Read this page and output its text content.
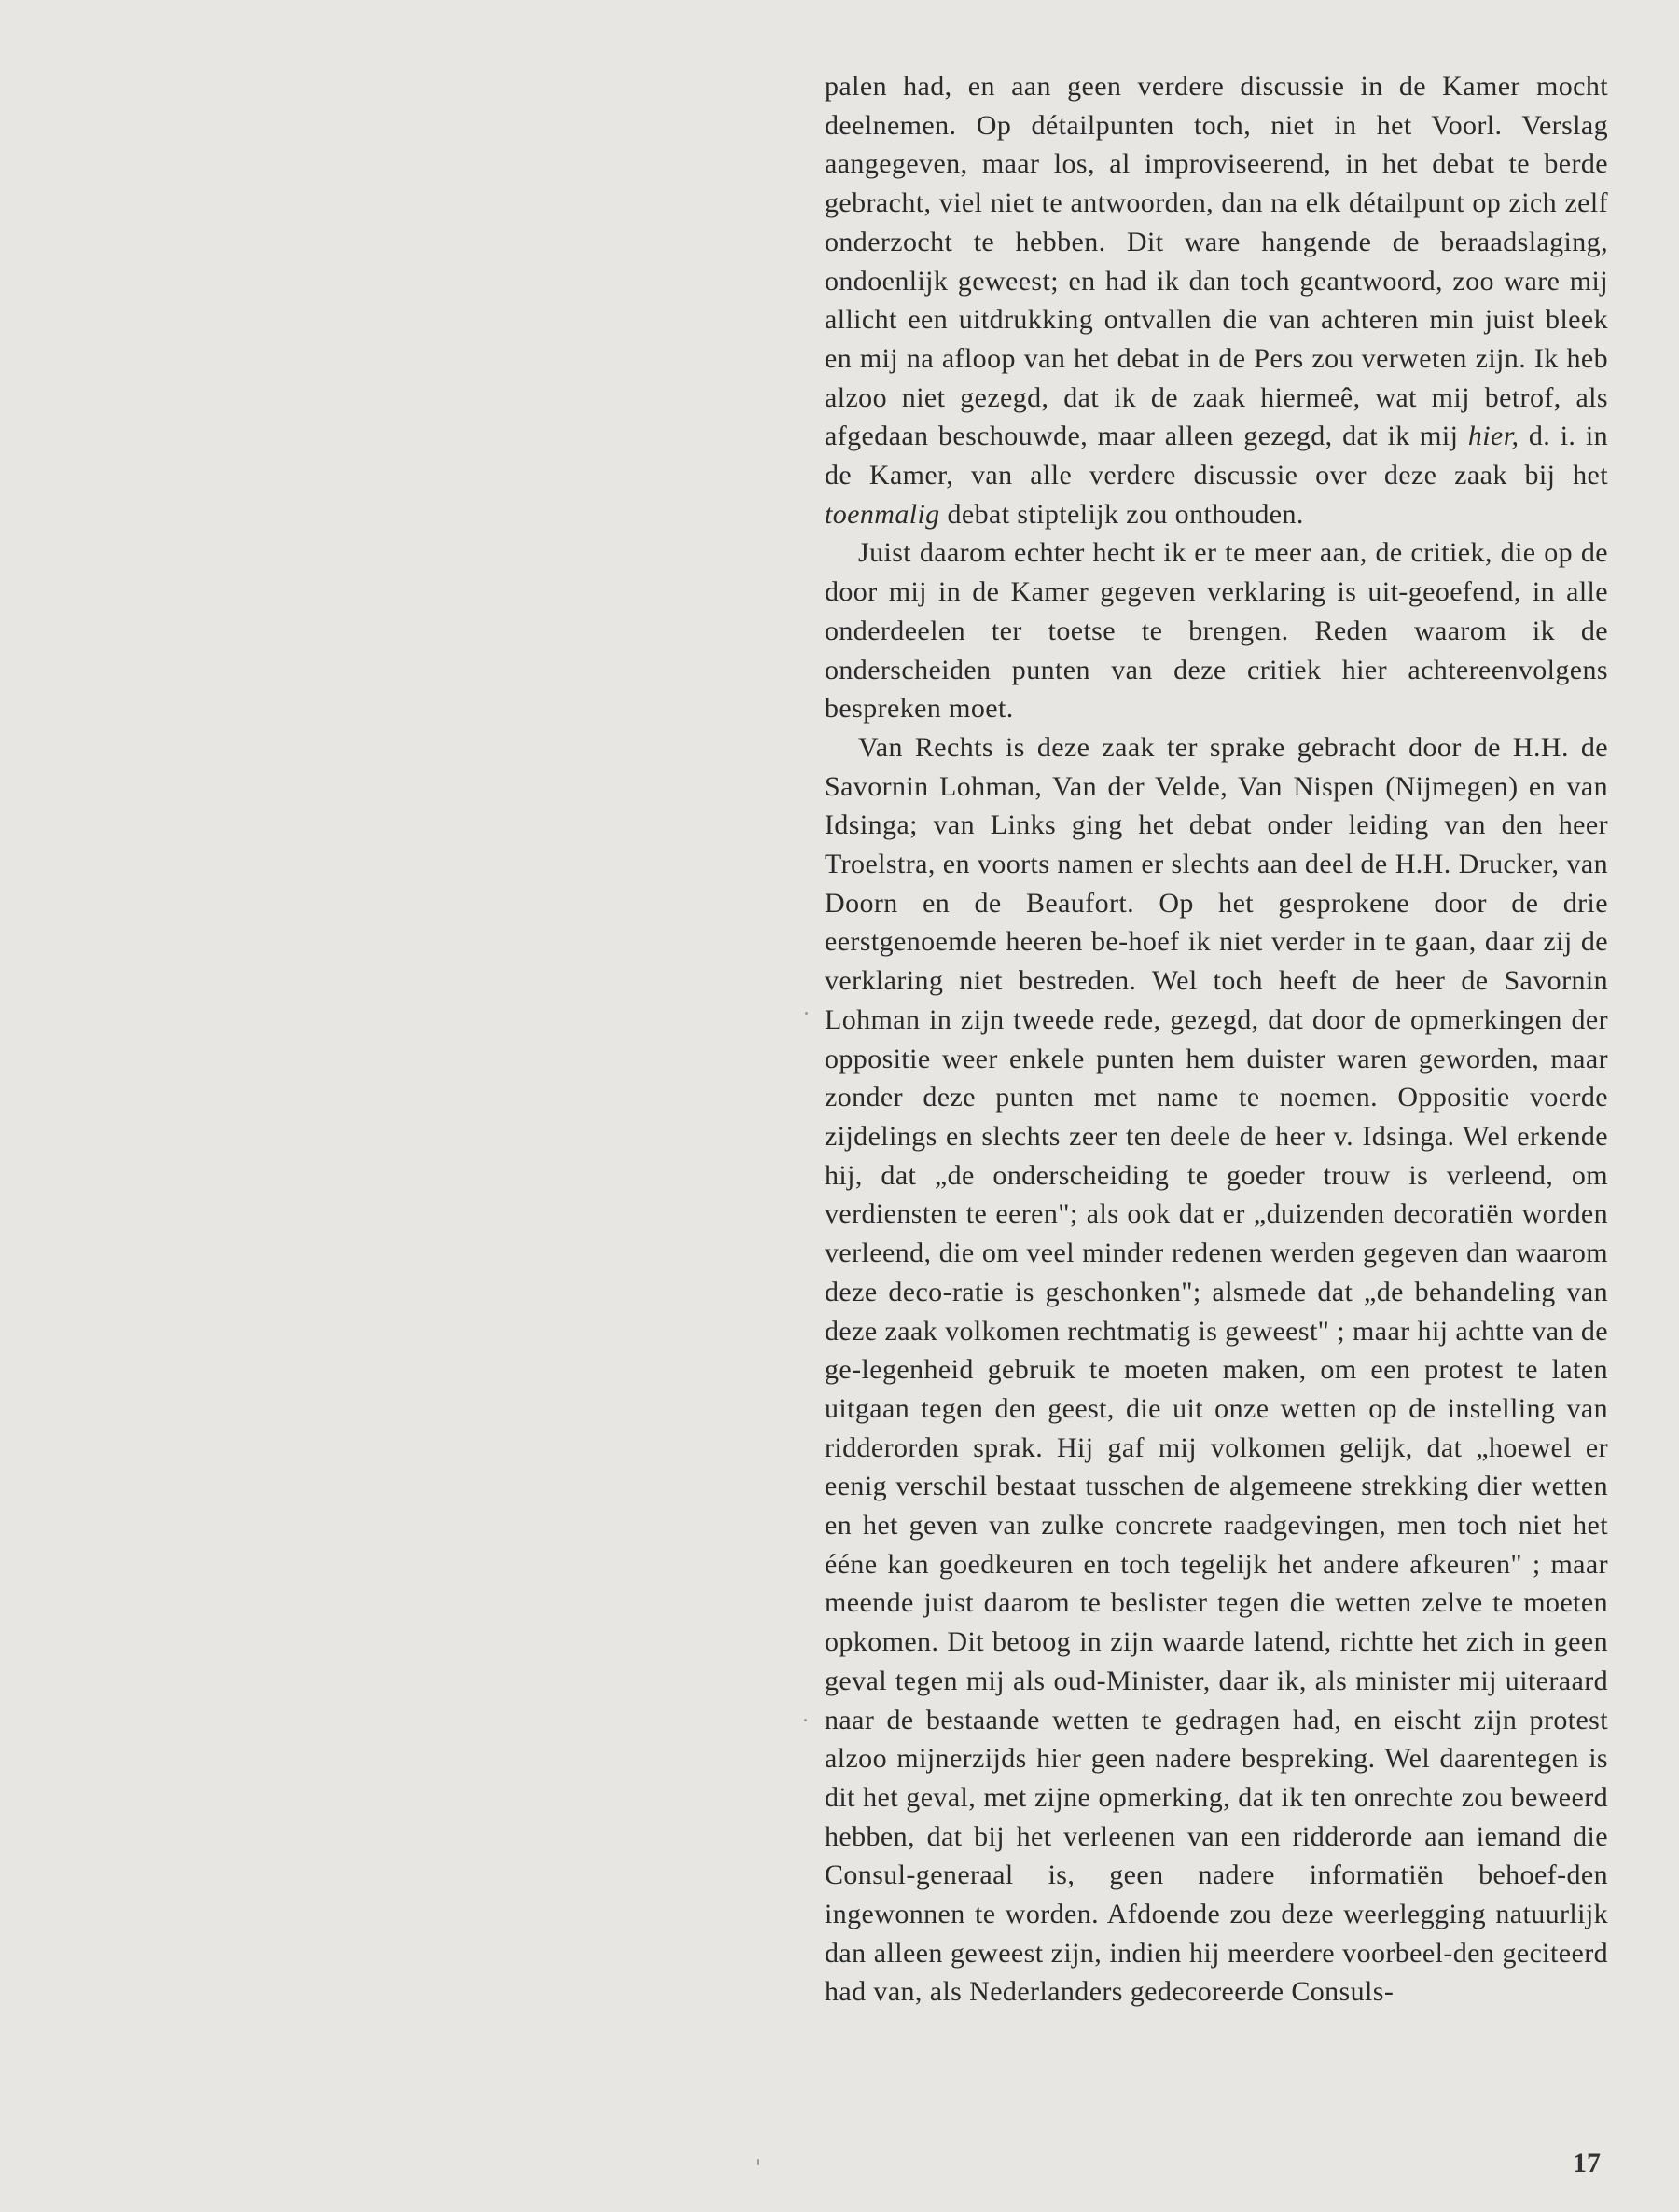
palen had, en aan geen verdere discussie in de Kamer mocht deelnemen. Op détailpunten toch, niet in het Voorl. Verslag aangegeven, maar los, al improviseerend, in het debat te berde gebracht, viel niet te antwoorden, dan na elk détailpunt op zich zelf onderzocht te hebben. Dit ware hangende de beraadslaging, ondoenlijk geweest; en had ik dan toch geantwoord, zoo ware mij allicht een uitdrukking ontvallen die van achteren min juist bleek en mij na afloop van het debat in de Pers zou verweten zijn. Ik heb alzoo niet gezegd, dat ik de zaak hiermeê, wat mij betrof, als afgedaan beschouwde, maar alleen gezegd, dat ik mij hier, d. i. in de Kamer, van alle verdere discussie over deze zaak bij het toenmalig debat stiptelijk zou onthouden.

Juist daarom echter hecht ik er te meer aan, de critiek, die op de door mij in de Kamer gegeven verklaring is uit-geoefend, in alle onderdeelen ter toetse te brengen. Reden waarom ik de onderscheiden punten van deze critiek hier achtereenvolgens bespreken moet.

Van Rechts is deze zaak ter sprake gebracht door de H.H. de Savornin Lohman, Van der Velde, Van Nispen (Nijmegen) en van Idsinga; van Links ging het debat onder leiding van den heer Troelstra, en voorts namen er slechts aan deel de H.H. Drucker, van Doorn en de Beaufort. Op het gesprokene door de drie eerstgenoemde heeren be-hoef ik niet verder in te gaan, daar zij de verklaring niet bestreden. Wel toch heeft de heer de Savornin Lohman in zijn tweede rede, gezegd, dat door de opmerkingen der oppositie weer enkele punten hem duister waren geworden, maar zonder deze punten met name te noemen. Oppositie voerde zijdelings en slechts zeer ten deele de heer v. Idsinga. Wel erkende hij, dat „de onderscheiding te goeder trouw is verleend, om verdiensten te eeren"; als ook dat er „duizenden decoratiën worden verleend, die om veel minder redenen werden gegeven dan waarom deze deco-ratie is geschonken"; alsmede dat „de behandeling van deze zaak volkomen rechtmatig is geweest" ; maar hij achtte van de ge-legenheid gebruik te moeten maken, om een protest te laten uitgaan tegen den geest, die uit onze wetten op de instelling van ridderorden sprak. Hij gaf mij volkomen gelijk, dat „hoewel er eenig verschil bestaat tusschen de algemeene strekking dier wetten en het geven van zulke concrete raadgevingen, men toch niet het ééne kan goedkeuren en toch tegelijk het andere afkeuren" ; maar meende juist daarom te beslister tegen die wetten zelve te moeten opkomen. Dit betoog in zijn waarde latend, richtte het zich in geen geval tegen mij als oud-Minister, daar ik, als minister mij uiteraard naar de bestaande wetten te gedragen had, en eischt zijn protest alzoo mijnerzijds hier geen nadere bespreking. Wel daarentegen is dit het geval, met zijne opmerking, dat ik ten onrechte zou beweerd hebben, dat bij het verleenen van een ridderorde aan iemand die Consul-generaal is, geen nadere informatiën behoef-den ingewonnen te worden. Afdoende zou deze weerlegging natuurlijk dan alleen geweest zijn, indien hij meerdere voorbeel-den geciteerd had van, als Nederlanders gedecoreerde Consuls-

17
